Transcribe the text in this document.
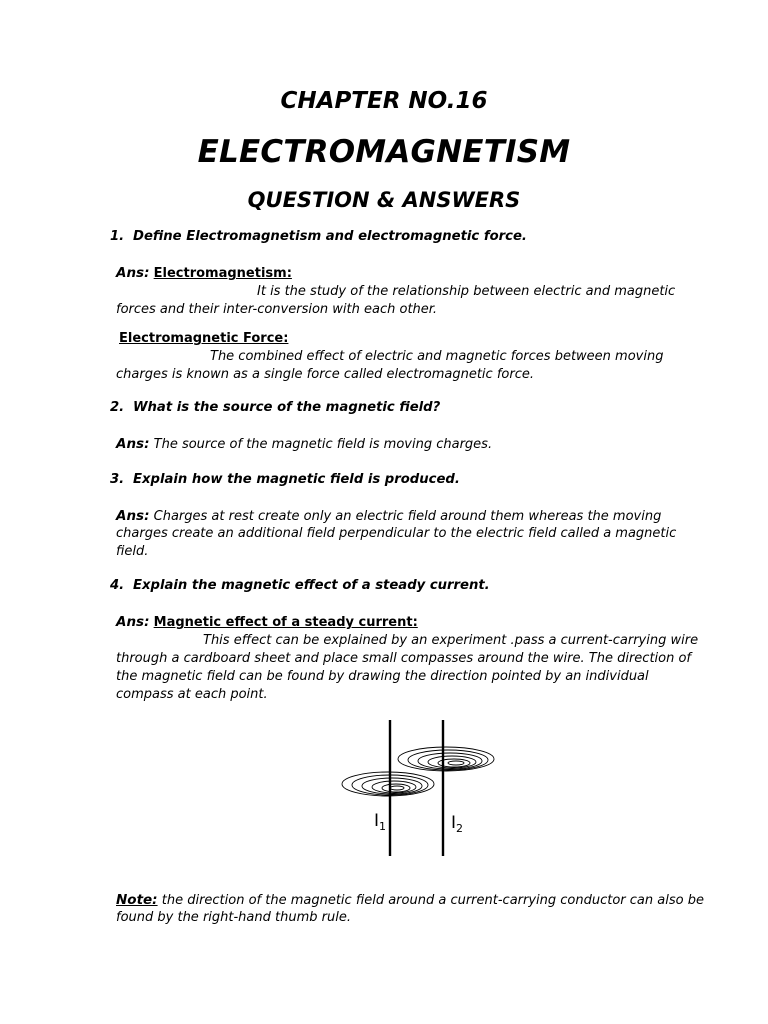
CHAPTER NO.16
ELECTROMAGNETISM
QUESTION & ANSWERS
1. Define Electromagnetism and electromagnetic force.
Ans: Electromagnetism:
It is the study of the relationship between electric and magnetic
forces and their inter-conversion with each other.
Electromagnetic Force:
The combined effect of electric and magnetic forces between moving
charges is known as a single force called electromagnetic force.
2. What is the source of the magnetic field?
Ans: The source of the magnetic field is moving charges.
3. Explain how the magnetic field is produced.
Ans: Charges at rest create only an electric field around them whereas the moving
charges create an additional field perpendicular to the electric field called a magnetic
field.
4. Explain the magnetic effect of a steady current.
Ans: Magnetic effect of a steady current:
This effect can be explained by an experiment .pass a current-carrying wire
through a cardboard sheet and place small compasses around the wire. The direction of
the magnetic field can be found by drawing the direction pointed by an individual
compass at each point.
$I_1$	$I_2$
Note: the direction of the magnetic field around a current-carrying conductor can also be
found by the right-hand thumb rule.
